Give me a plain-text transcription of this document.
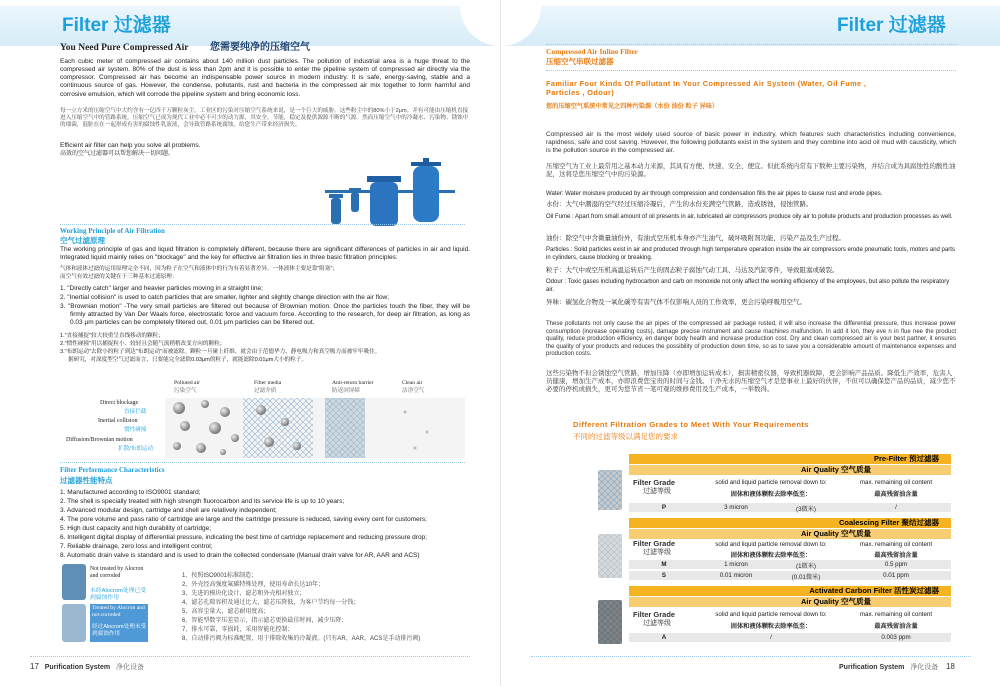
Filter 过滤器
You Need Pure Compressed Air 您需要纯净的压缩空气
Each cubic meter of compressed air contains about 140 million dust particles. The pollution of industrial area is a huge threat to the compressed air system. 80% of the dust is less than 2pm and it is possible to enter the pipeline system of compressed air directly via the compressor. Compressed air has become an indispensable power source in modern industry. It is safe, energy-saving, stable and a continuous source of gas. However, the condense, pollutants, rust and bacteria in the compressed air mix together to form harmful and corrosive emulsion, which will corrode the pipeline system and bring economic loss.
每一立方米的压缩空气中大约含有一亿四千万颗粒灰尘。工业区的污染对压缩空气系统来说，是一个巨大的威胁。这些粉尘中的80%小于2μm。并有可能由压缩机直接进入压缩空气中的管路系统。压缩空气已成为现代工业中必不可少的动力源，其安全，节能，稳定及提供源源不断的气源。然而压缩空气中的冷凝水、污染物、锈蚀中的细菌，混脏在在一起形成有害的腐蚀性乳液液，会导致管路系统腐蚀，给您生产带来经济损失。
Efficient air filter can help you solve all problems.
高效的空气过滤器可以帮您解决一切问题。
Working Principle of Air Filtration
空气过滤原理
The working principle of gas and liquid filtration is completely different, because there are significant differences of particles in air and liquid. Integrated liquid mainly relies on "blockage" and the key for effective air filtration lies in three basic filtration principles:
气体和液体过滤的运用原理完全不同，因为粒子在空气和液体中的行为有着显著差异。一体液体主要是靠"阻塞"；
而空气有效过滤的关键在于三种基本过滤原理：
1. "Directly catch" larger and heavier particles moving in a straight line;
2. "Inertial collision" is used to catch particles that are smaller, lighter and slightly change direction with the air flow;
3. "Brownian motion" -The very small particles are filtered out because of Brownian motion. Once the particles touch the fiber, they will be firmly attracted by Van Der Waals force, electrostatic force and vacuum force. According to the research, for deep air filtration, as long as 0.03 μm particles can be completely filtered out, 0.01 μm particles can be filtered out.
1."直接捕捉"较大较重呈直线移动的颗粒；
2."惯性碰撞"用以捕捉粒小、较轻且会随气流稍稍改变方向的颗粒；
3."布朗运动"去除小的粒子到达"布朗运动"而被滤除。颗粒一旦碰上纤维，就会由于范德华力、静电吸力和真空吸力而被牢牢吸住。
据研究，对深度型空气过滤而言，只要能完全滤除0.03μm的粒子，就能滤除0.01μm大小的粒子。
Polluted air
污染空气
Filter media
过滤介质
Anti-return barrier
防返回屏障
Clean air
洁净空气
Direct blockage
直接拦截
Inertial collision
惯性碰撞
Diffusion/Brownian motion
扩散/布朗运动
Filter Performance Characteristics
过滤器性能特点
1. Manufactured according to ISO9001 standard;
2. The shell is specially treated with high strength fluorocarbon and its service life is up to 10 years;
3. Advanced modular design, cartridge and shell are relatively independent;
4. The pore volume and pass ratio of cartridge are large and the cartridge pressure is reduced, saving every cent for customers;
5. High dust capacity and high durability of cartridge;
6. Intelligent digital display of differential pressure, indicating the best time of cartridge replacement and reducing pressure drop;
7. Reliable drainage, zero loss and intelligent control;
8. Automatic drain valve is standard and is used to drain the collected condensate (Manual drain valve for AR, AAR and ACS)
Not treated by Alocron and corroded
未经Alocrom处理已受到腐蚀作用
Treated by Alocron and not corroded
经过Alocrom处理未受到腐蚀作用
1、按照ISO9001标准制造；
2、外壳经高强度氟碳特殊处理，使用寿命长达10年；
3、先进的模块化设计，滤芯和外壳相对独立；
4、滤芯孔隙容积及通过比大，滤芯压降低，为客户节约每一分钱；
5、高容尘量大，滤芯耐用度高；
6、智能型数字压差显示，指示滤芯更换最佳时间，减少压降；
7、排水可靠，零损耗，采用智能化控制；
8、自动排污阀为标准配置，用于排除收集的冷凝液。(只有AR、AAR、ACS是手动排污阀)
17 Purification System 净化设备
Filter 过滤器
Compressed Air Inline Filter
压缩空气串联过滤器
Familiar Four Kinds Of Pollutant In Your Compressed Air System (Water, Oil Fume , Particles , Odour)
您的压缩空气系统中常见之四种污染源（水份 油份 粒子 异味）
Compressed air is the most widely used source of basic power in industry, which features such characteristics including convenience, rapidness, safe and cost saving. However, the following pollutants exist in the system and they combine into acid oil mud with causticity, which is the pollution source in the compressed air.
压缩空气为工业上最常用之基本动力来源，其具有方便、快速、安全、便宜。但此系统内常有下数种主要污染物，并结合成为具腐蚀性的酸性油泥，这将是您压缩空气中的污染源。
Water: Water moisture produced by air through compression and condensation fills the air pipes to cause rust and erode pipes.
水份：大气中潮湿的空气经过压缩冷凝后，产生的水份充满空气管路，造成锈蚀，侵蚀管路。
Oil Fume : Apart from small amount of oil presents in air, lubricated air compressors produce oily air to pollute products and production processes as well.
油份：除空气中含微量油份外，有油式空压机本身亦产生油气，破坏吸附剂功能，污染产品及生产过程。
Particles : Solid particles exist in air and produced through high temperature operation inside the air compressors erode pneumatic tools, motors and parts in cylinders, cause blocking or breaking.
粒子：大气中或空压机高温运转后产生的固态粒子腐蚀气动工具、马达及汽缸零件，导致阻塞或破裂。
Odour : Toxic gases including hydrocarbon and carb on monoxide not only affect the working efficiency of the employees, but also pollute the respiratory air.
异味：碳氢化合物及一氧化碳等有害气体不仅影响人员的工作效率，更会污染呼吸用空气。
These pollutants not only cause the air pipes of the compressed air package rusted, it will also increase the differential pressure, thus increase power consumption (increase operating costs), damage precise instrument and cause machines malfunction. In add it ion, they eve n in flue nee the product quality, reduce production efficiency, en danger body health and increase production cost. Dry and clean compressed air is your best partner, it ensures the quality of your products and reduces the possibility of production down time, so as to save you a considerable amount of maintenance expenses and production costs.
这些污染物不但会锈蚀空气管路，增加压降（亦即增加运转成本），损害精密仪器，导致机器故障，更会影响产品品质。降低生产效率，危害人员健康，增加生产成本，亦即浪费您宝贵的时间与金钱。干净无水的压缩空气才是您事业上最好的伙伴，不但可以确保您产品的品质，减少您不必要的停机或损失，更可为您节省一笔可观的维修费用及生产成本，一举数得。
Different Filtration Grades to Meet With Your Requirements
不同的过滤等级以满足您的要求
Pre-Filter 预过滤器
Air Quality 空气质量
Filter Grade
过滤等级
solid and liquid particle removal down to:
固体和液体颗粒去除率低至：
max. remaining oil content
最高残留油含量
P	3 micron	(3微米)	/
Coalescing Filter 聚结过滤器
Air Quality 空气质量
Filter Grade
过滤等级
solid and liquid particle removal down to:
固体和液体颗粒去除率低至：
max. remaining oil content
最高残留油含量
M	1 micron	(1微米)	0.5 ppm
S	0.01 micron	(0.01微米)	0.01 ppm
Activated Carbon Filter 活性炭过滤器
Air Quality 空气质量
Filter Grade
过滤等级
solid and liquid particle removal down to:
固体和液体颗粒去除率低至：
max. remaining oil content
最高残留油含量
A	/	0.003 ppm
Purification System 净化设备 18
